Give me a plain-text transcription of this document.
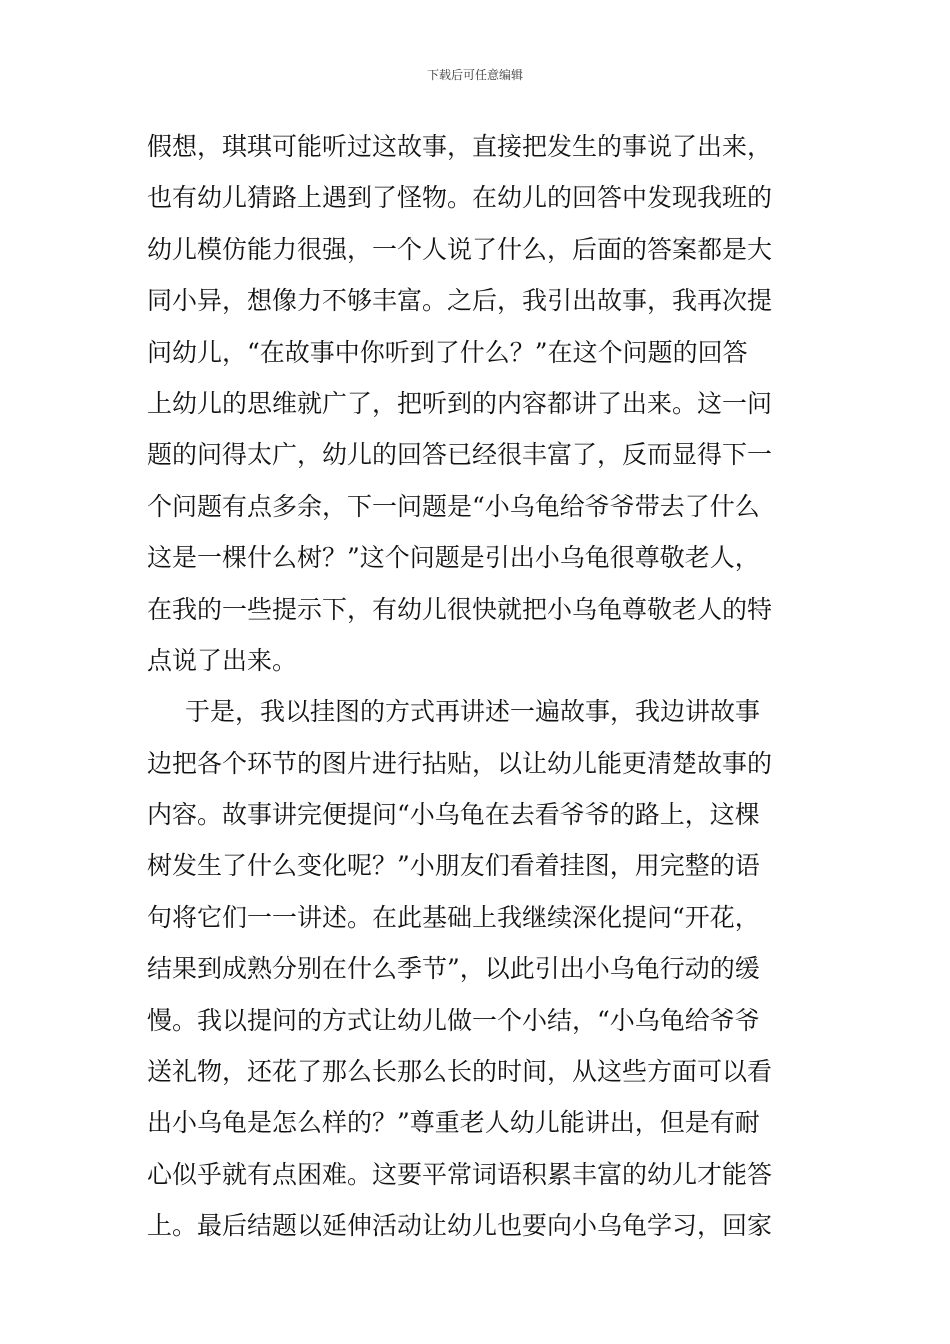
下载后可任意编辑
假想，琪琪可能听过这故事，直接把发生的事说了出来，
也有幼儿猜路上遇到了怪物。在幼儿的回答中发现我班的
幼儿模仿能力很强，一个人说了什么，后面的答案都是大
同小异，想像力不够丰富。之后，我引出故事，我再次提
问幼儿，“在故事中你听到了什么？”在这个问题的回答
上幼儿的思维就广了，把听到的内容都讲了出来。这一问
题的问得太广，幼儿的回答已经很丰富了，反而显得下一
个问题有点多余，下一问题是“小乌龟给爷爷带去了什么
这是一棵什么树？”这个问题是引出小乌龟很尊敬老人，
在我的一些提示下，有幼儿很快就把小乌龟尊敬老人的特
点说了出来。
于是，我以挂图的方式再讲述一遍故事，我边讲故事
边把各个环节的图片进行拈贴，以让幼儿能更清楚故事的
内容。故事讲完便提问“小乌龟在去看爷爷的路上，这棵
树发生了什么变化呢？”小朋友们看着挂图，用完整的语
句将它们一一讲述。在此基础上我继续深化提问“开花，
结果到成熟分别在什么季节”，以此引出小乌龟行动的缓
慢。我以提问的方式让幼儿做一个小结，“小乌龟给爷爷
送礼物，还花了那么长那么长的时间，从这些方面可以看
出小乌龟是怎么样的？”尊重老人幼儿能讲出，但是有耐
心似乎就有点困难。这要平常词语积累丰富的幼儿才能答
上。最后结题以延伸活动让幼儿也要向小乌龟学习，回家
